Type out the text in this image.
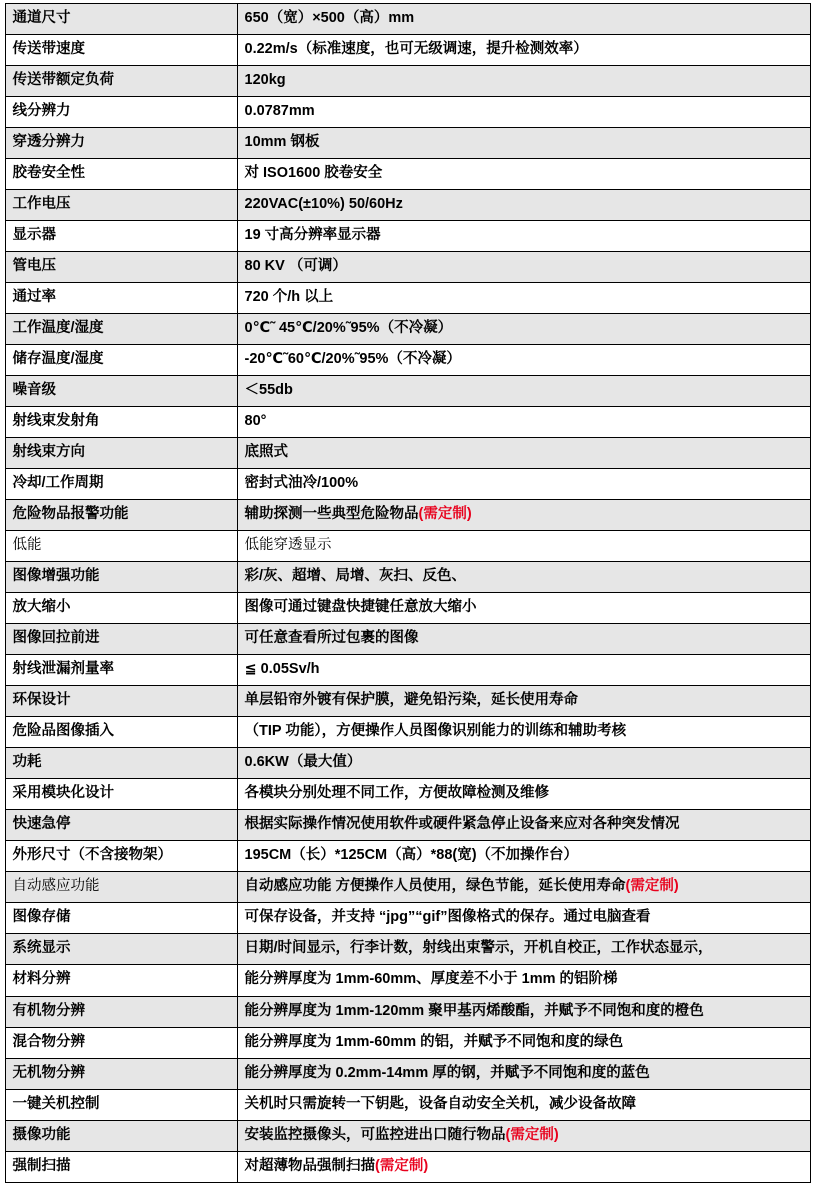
通道尺寸	650（宽）×500（高）mm

传送带速度	0.22m/s（标准速度，也可无级调速，提升检测效率）

传送带额定负荷	120kg

线分辨力	0.0787mm

穿透分辨力	10mm 钢板

胶卷安全性	对 ISO1600 胶卷安全

工作电压	220VAC(±10%) 50/60Hz

显示器	19 寸高分辨率显示器

管电压	80 KV （可调）

通过率	720 个/h 以上

工作温度/湿度	0℃˜ 45℃/20%˜95%（不冷凝）

储存温度/湿度	-20℃˜60℃/20%˜95%（不冷凝）

噪音级	＜55db

射线束发射角	80°

射线束方向	底照式

冷却/工作周期	密封式油冷/100%

危险物品报警功能	辅助探测一些典型危险物品(需定制)
低能	低能穿透显示

图像增强功能	彩/灰、超增、局增、灰扫、反色、

放大缩小	图像可通过键盘快捷键任意放大缩小

图像回拉前进	可任意查看所过包裹的图像

射线泄漏剂量率	≦ 0.05Sv/h

环保设计	单层铅帘外镀有保护膜，避免铅污染，延长使用寿命

危险品图像插入	（TIP 功能），方便操作人员图像识别能力的训练和辅助考核

功耗	0.6KW（最大值）

采用模块化设计	各模块分别处理不同工作，方便故障检测及维修

快速急停	根据实际操作情况使用软件或硬件紧急停止设备来应对各种突发情况

外形尺寸（不含接物架）	195CM（长）*125CM（高）*88(宽)（不加操作台）

自动感应功能	自动感应功能 方便操作人员使用，绿色节能，延长使用寿命(需定制)
图像存储	可保存设备，并支持 “jpg”“gif”图像格式的保存。通过电脑查看

系统显示	日期/时间显示，行李计数，射线出束警示，开机自校正，工作状态显示，

材料分辨	能分辨厚度为 1mm-60mm、厚度差不小于 1mm 的铝阶梯

有机物分辨	能分辨厚度为 1mm-120mm 聚甲基丙烯酸酯，并赋予不同饱和度的橙色

混合物分辨	能分辨厚度为 1mm-60mm 的铝，并赋予不同饱和度的绿色

无机物分辨	能分辨厚度为 0.2mm-14mm 厚的钢，并赋予不同饱和度的蓝色

一键关机控制	关机时只需旋转一下钥匙，设备自动安全关机，减少设备故障

摄像功能	安装监控摄像头，可监控进出口随行物品(需定制)
强制扫描	对超薄物品强制扫描(需定制)
